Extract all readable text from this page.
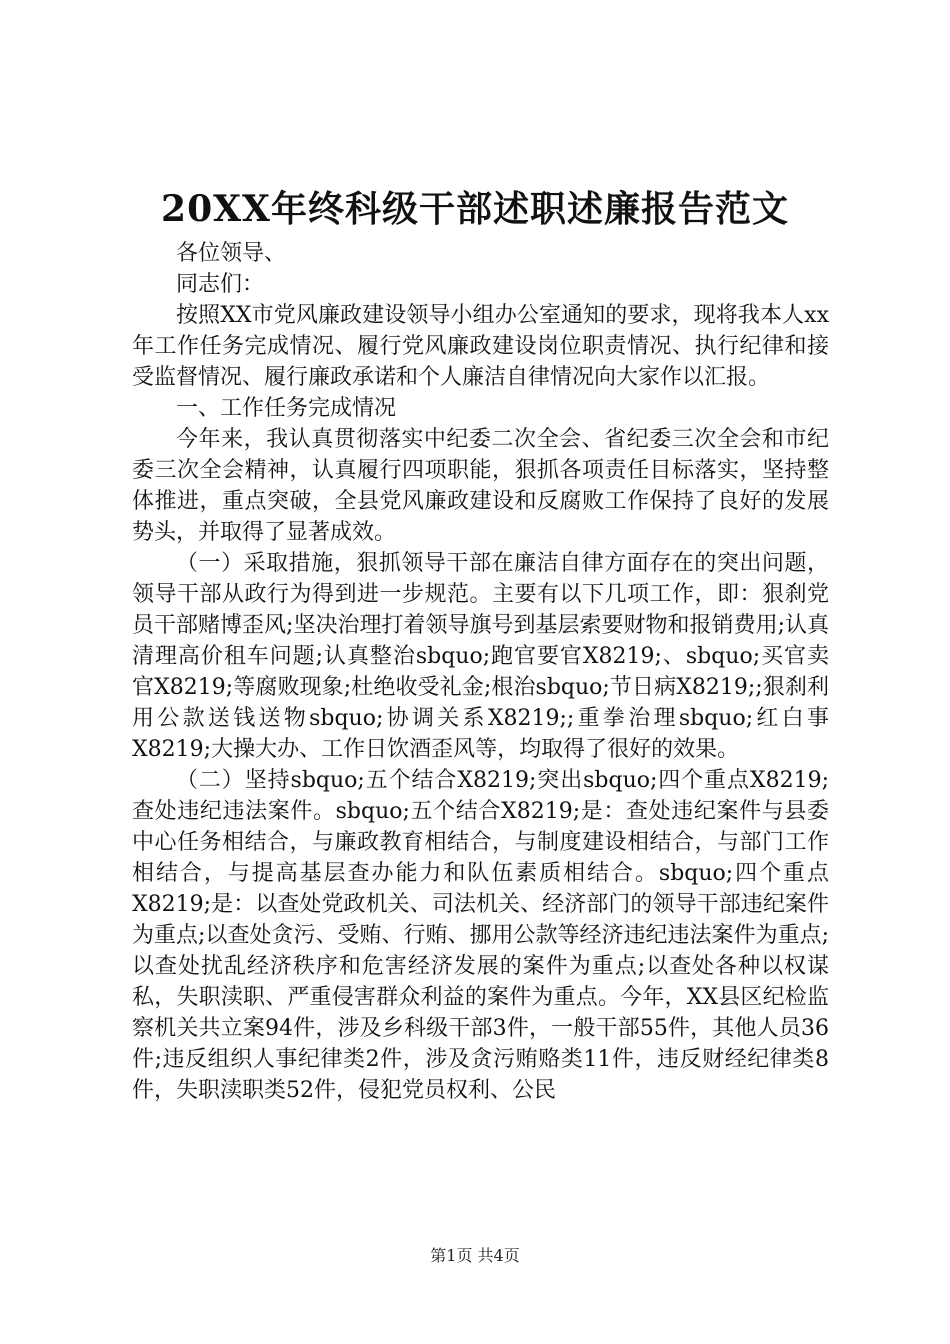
20XX年终科级干部述职述廉报告范文

各位领导、

同志们：

按照XX市党风廉政建设领导小组办公室通知的要求，现将我本人xx年工作任务完成情况、履行党风廉政建设岗位职责情况、执行纪律和接受监督情况、履行廉政承诺和个人廉洁自律情况向大家作以汇报。

一、工作任务完成情况

今年来，我认真贯彻落实中纪委二次全会、省纪委三次全会和市纪委三次全会精神，认真履行四项职能，狠抓各项责任目标落实，坚持整体推进，重点突破，全县党风廉政建设和反腐败工作保持了良好的发展势头，并取得了显著成效。

（一）采取措施，狠抓领导干部在廉洁自律方面存在的突出问题，领导干部从政行为得到进一步规范。主要有以下几项工作，即：狠刹党员干部赌博歪风;坚决治理打着领导旗号到基层索要财物和报销费用;认真清理高价租车问题;认真整治sbquo;跑官要官X8219;、sbquo;买官卖官X8219;等腐败现象;杜绝收受礼金;根治sbquo;节日病X8219;;狠刹利用公款送钱送物sbquo;协调关系X8219;;重拳治理sbquo;红白事X8219;大操大办、工作日饮酒歪风等，均取得了很好的效果。

（二）坚持sbquo;五个结合X8219;突出sbquo;四个重点X8219;查处违纪违法案件。sbquo;五个结合X8219;是：查处违纪案件与县委中心任务相结合，与廉政教育相结合，与制度建设相结合，与部门工作相结合，与提高基层查办能力和队伍素质相结合。sbquo;四个重点X8219;是：以查处党政机关、司法机关、经济部门的领导干部违纪案件为重点;以查处贪污、受贿、行贿、挪用公款等经济违纪违法案件为重点;以查处扰乱经济秩序和危害经济发展的案件为重点;以查处各种以权谋私，失职渎职、严重侵害群众利益的案件为重点。今年，XX县区纪检监察机关共立案94件，涉及乡科级干部3件，一般干部55件，其他人员36件;违反组织人事纪律类2件，涉及贪污贿赂类11件，违反财经纪律类8件，失职渎职类52件，侵犯党员权利、公民

第1页 共4页
